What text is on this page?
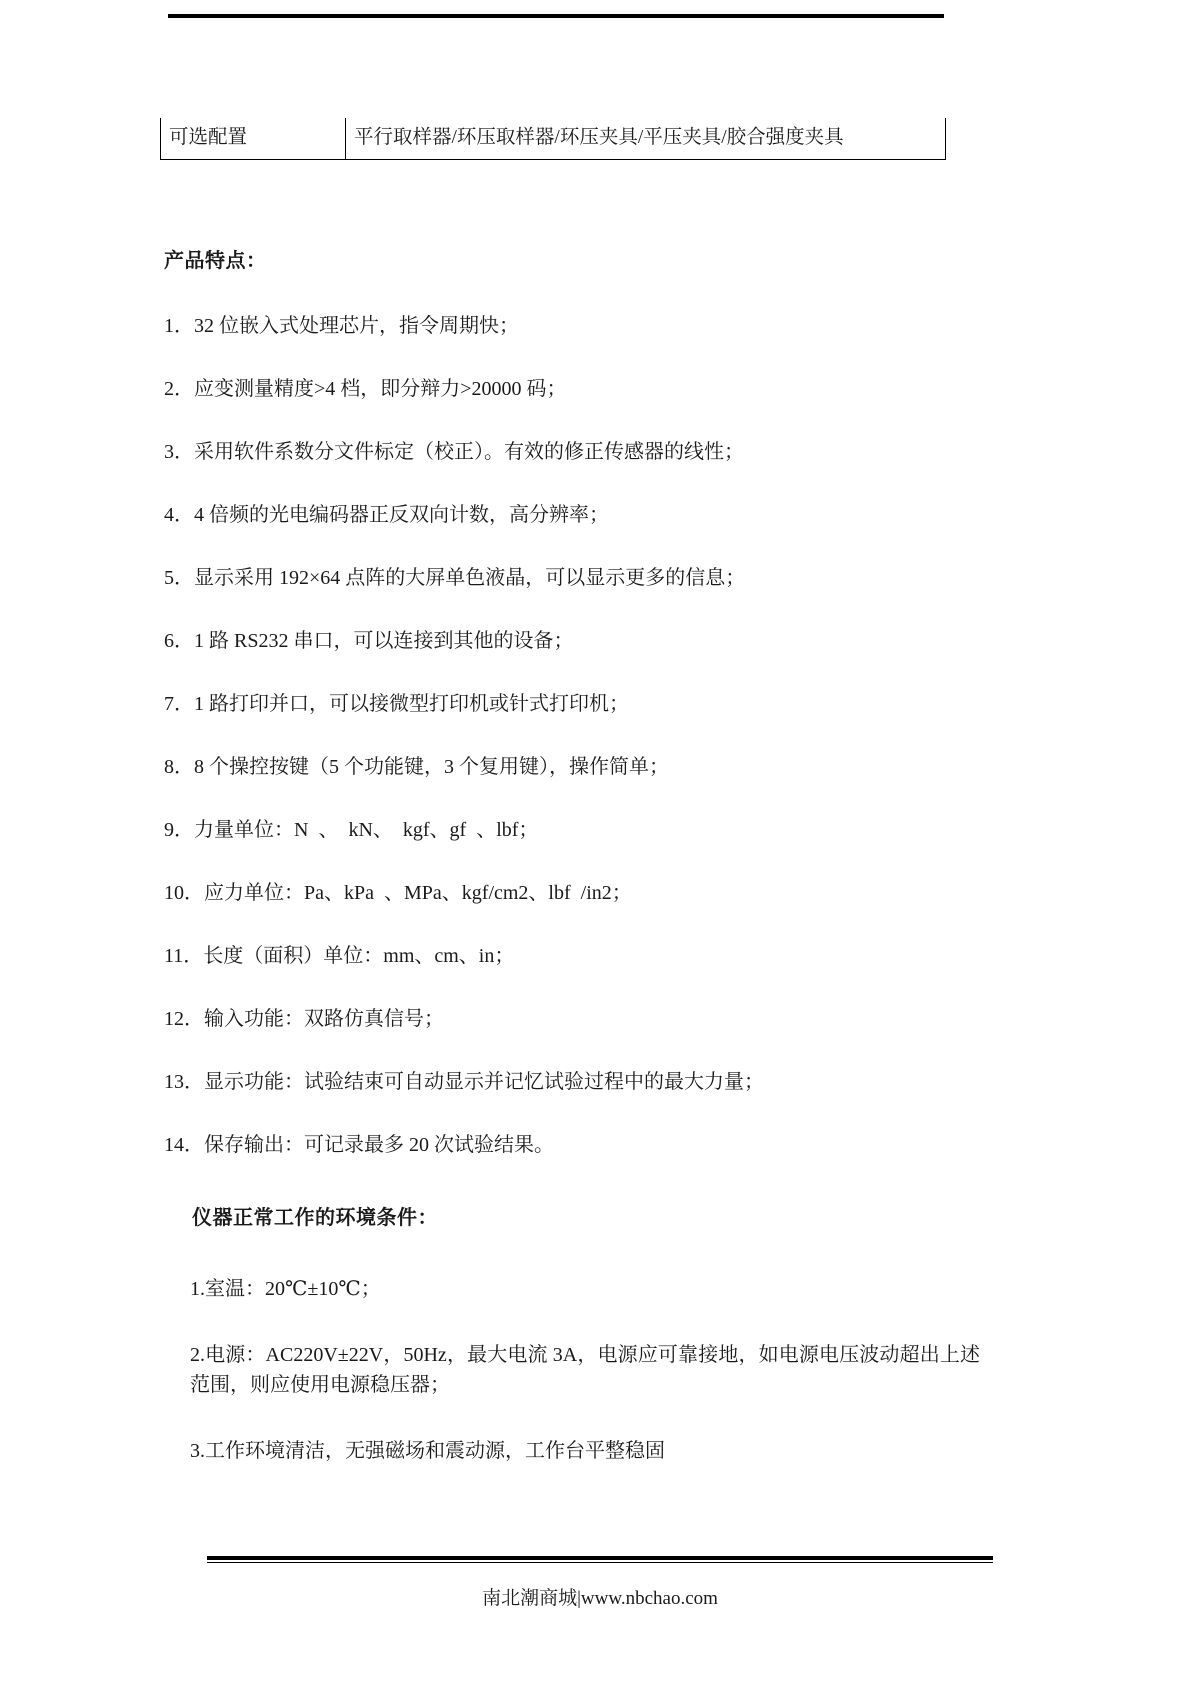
可选配置	平行取样器/环压取样器/环压夹具/平压夹具/胶合强度夹具
产品特点：
1．32 位嵌入式处理芯片，指令周期快；
2．应变测量精度>4 档，即分辩力>20000 码；
3．采用软件系数分文件标定（校正）。有效的修正传感器的线性；
4．4 倍频的光电编码器正反双向计数，高分辨率；
5．显示采用 192×64 点阵的大屏单色液晶，可以显示更多的信息；
6．1 路 RS232 串口，可以连接到其他的设备；
7．1 路打印并口，可以接微型打印机或针式打印机；
8．8 个操控按键（5 个功能键，3 个复用键），操作简单；
9．力量单位：N  、  kN、  kgf、gf  、lbf；
10．应力单位：Pa、kPa  、MPa、kgf/cm2、lbf  /in2；
11．长度（面积）单位：mm、cm、in；
12．输入功能：双路仿真信号；
13．显示功能：试验结束可自动显示并记忆试验过程中的最大力量；
14．保存输出：可记录最多 20 次试验结果。
仪器正常工作的环境条件：
1.室温：20℃±10℃；
2.电源：AC220V±22V，50Hz，最大电流 3A，电源应可靠接地，如电源电压波动超出上述范围，则应使用电源稳压器；
3.工作环境清洁，无强磁场和震动源，工作台平整稳固
南北潮商城|www.nbchao.com
